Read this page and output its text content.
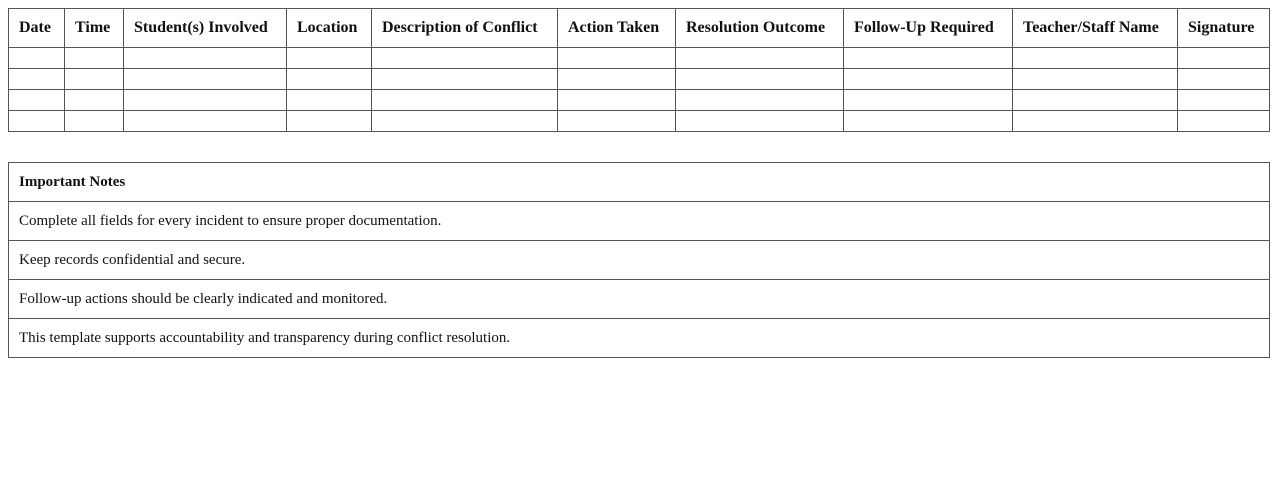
Date	Time	Student(s) Involved	Location	Description of Conflict	Action Taken	Resolution Outcome	Follow-Up Required	Teacher/Staff Name	Signature

Important Notes
Complete all fields for every incident to ensure proper documentation.
Keep records confidential and secure.
Follow-up actions should be clearly indicated and monitored.
This template supports accountability and transparency during conflict resolution.
